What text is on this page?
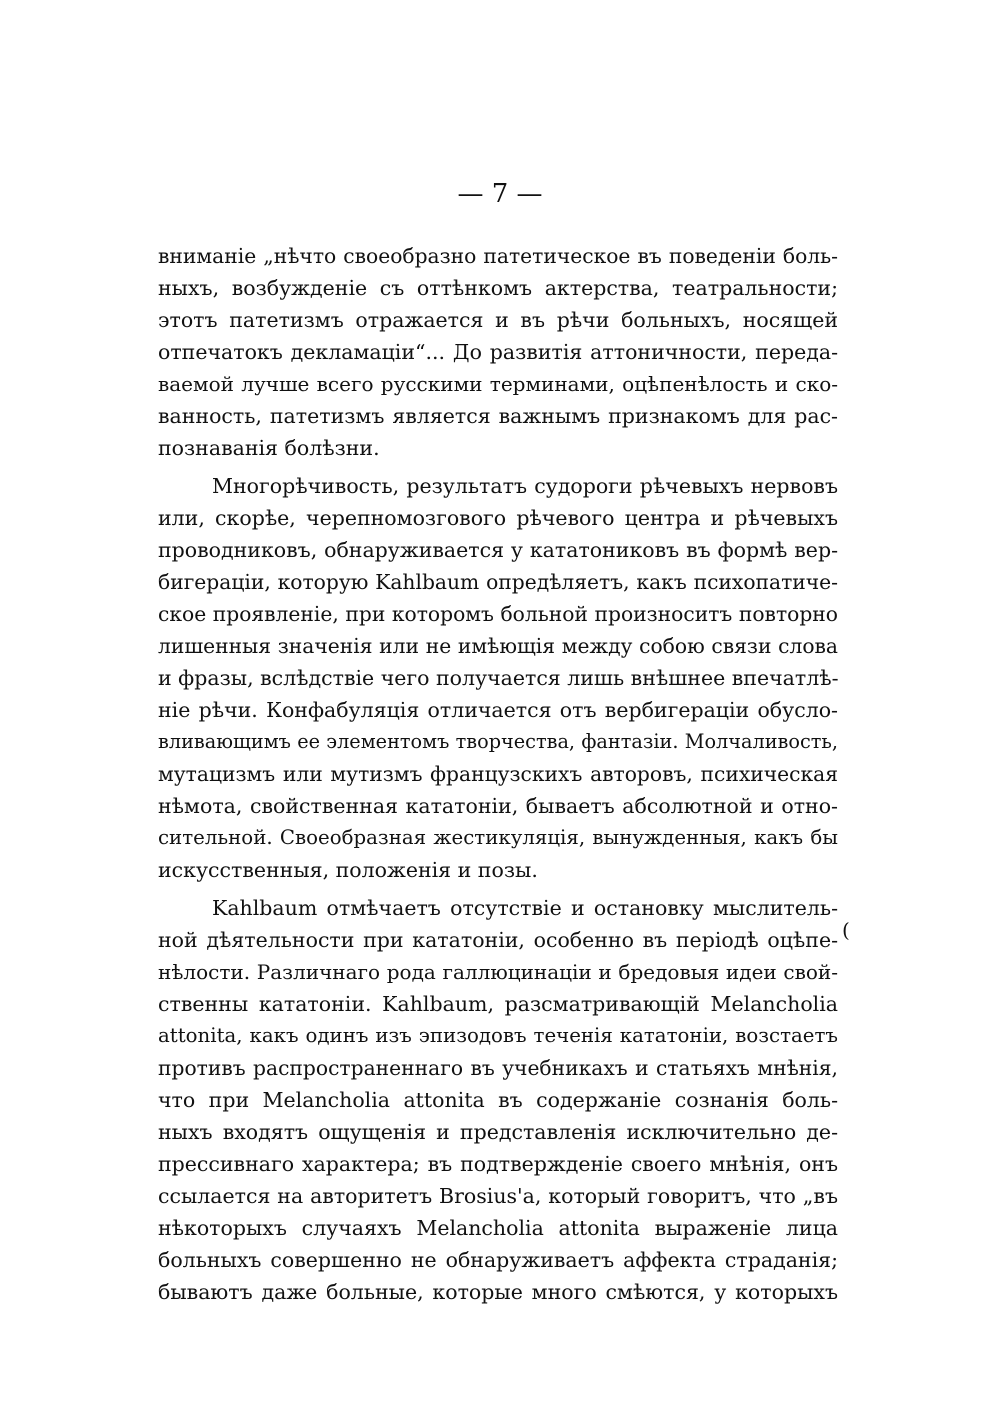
— 7 —

вниманіе „нѣчто своеобразно патетическое въ поведеніи боль-
ныхъ, возбужденіе съ оттѣнкомъ актерства, театральности;
этотъ патетизмъ отражается и въ рѣчи больныхъ, носящей
отпечатокъ декламаціи“... До развитія аттоничности, переда-
ваемой лучше всего русскими терминами, оцѣпенѣлость и ско-
ванность, патетизмъ является важнымъ признакомъ для рас-
познаванія болѣзни.
Многорѣчивость, результатъ судороги рѣчевыхъ нервовъ
или, скорѣе, черепномозгового рѣчевого центра и рѣчевыхъ
проводниковъ, обнаруживается у кататониковъ въ формѣ вер-
бигераціи, которую Kahlbaum опредѣляетъ, какъ психопатиче-
ское проявленіе, при которомъ больной произноситъ повторно
лишенныя значенія или не имѣющія между собою связи слова
и фразы, вслѣдствіе чего получается лишь внѣшнее впечатлѣ-
ніе рѣчи. Конфабуляція отличается отъ вербигераціи обусло-
вливающимъ ее элементомъ творчества, фантазіи. Молчаливость,
мутацизмъ или мутизмъ французскихъ авторовъ, психическая
нѣмота, свойственная кататоніи, бываетъ абсолютной и отно-
сительной. Своеобразная жестикуляція, вынужденныя, какъ бы
искусственныя, положенія и позы.
Kahlbaum отмѣчаетъ отсутствіе и остановку мыслитель-
ной дѣятельности при кататоніи, особенно въ періодѣ оцѣпе-
нѣлости. Различнаго рода галлюцинаціи и бредовыя идеи свой-
ственны кататоніи. Kahlbaum, разсматривающій Melancholia
attonita, какъ одинъ изъ эпизодовъ теченія кататоніи, возстаетъ
противъ распространеннаго въ учебникахъ и статьяхъ мнѣнія,
что при Melancholia attonita въ содержаніе сознанія боль-
ныхъ входятъ ощущенія и представленія исключительно де-
прессивнаго характера; въ подтвержденіе своего мнѣнія, онъ
ссылается на авторитетъ Brosius'а, который говоритъ, что „въ
нѣкоторыхъ случаяхъ Melancholia attonita выраженіе лица
больныхъ совершенно не обнаруживаетъ аффекта страданія;
бываютъ даже больные, которые много смѣются, у которыхъ
(
